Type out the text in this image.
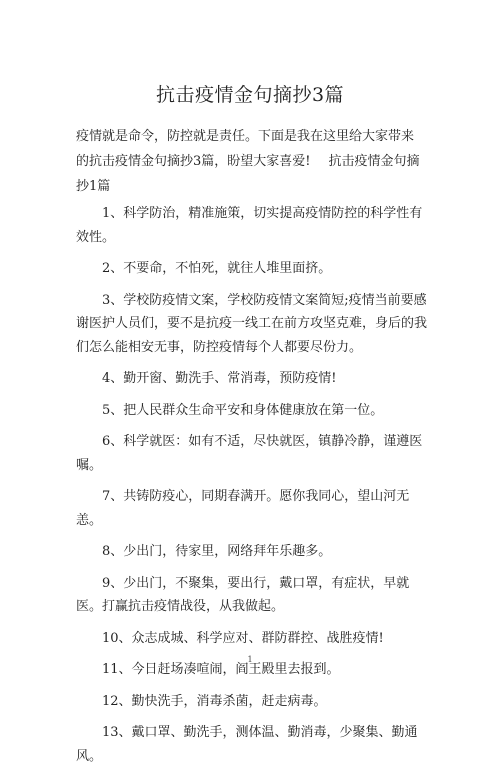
抗击疫情金句摘抄3篇
疫情就是命令，防控就是责任。下面是我在这里给大家带来的抗击疫情金句摘抄3篇，盼望大家喜爱! 抗击疫情金句摘抄1篇

1、科学防治，精准施策，切实提高疫情防控的科学性有效性。

2、不要命，不怕死，就往人堆里面挤。

3、学校防疫情文案，学校防疫情文案简短;疫情当前要感谢医护人员们，要不是抗疫一线工在前方攻坚克难，身后的我们怎么能相安无事，防控疫情每个人都要尽份力。

4、勤开窗、勤洗手、常消毒，预防疫情!

5、把人民群众生命平安和身体健康放在第一位。

6、科学就医：如有不适，尽快就医，镇静冷静，谨遵医嘱。

7、共铸防疫心，同期春满开。愿你我同心，望山河无恙。

8、少出门，待家里，网络拜年乐趣多。

9、少出门，不聚集，要出行，戴口罩，有症状，早就医。打赢抗击疫情战役，从我做起。

10、众志成城、科学应对、群防群控、战胜疫情!

11、今日赶场凑喧闹，阎王殿里去报到。

12、勤快洗手，消毒杀菌，赶走病毒。

13、戴口罩、勤洗手，测体温、勤消毒，少聚集、勤通风。

1
